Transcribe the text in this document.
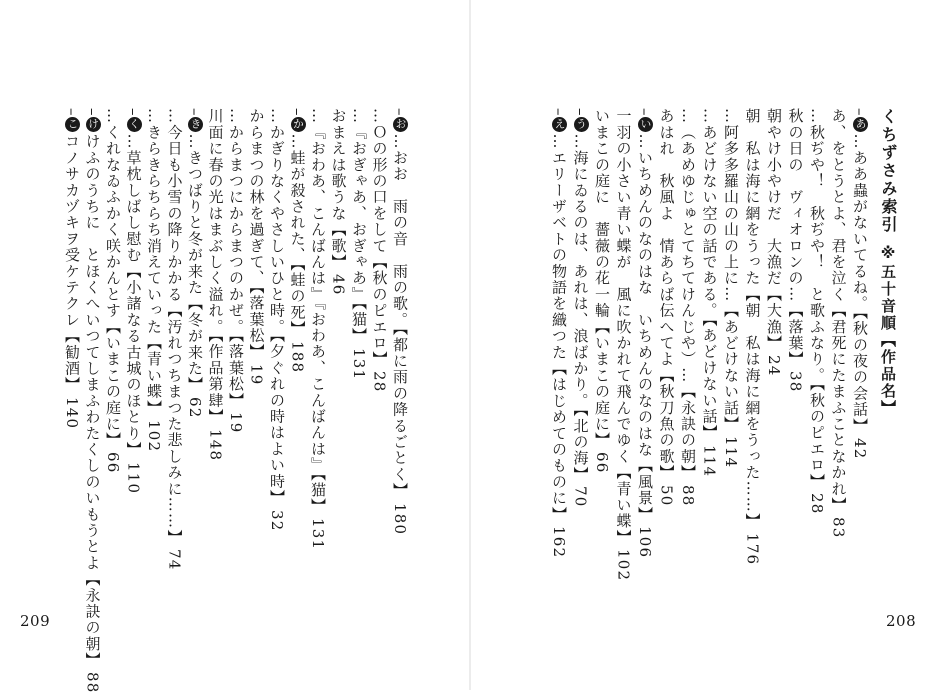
209
–お…おお　雨の音　雨の歌。【都に雨の降るごとく】180
…Ｏの形の口をして【秋のピエロ】28
…『おぎゃあ、おぎゃあ』【猫】131
おまえは歌うな【歌】46
…『おわあ、こんばんは』『おわあ、こんばんは』【猫】131
–か…蛙が殺された、【蛙の死】188
…かぎりなくやさしいひと時。【夕ぐれの時はよい時】32
からまつの林を過ぎて、【落葉松】19
…からまつにからまつのかぜ。【落葉松】19
川面に春の光はまぶしく溢れ。【作品第肆】148
–き…きつばりと冬が来た【冬が来た】62
…今日も小雪の降りかかる【汚れつちまつた悲しみに……】74
…きらきらちらち消えていった【青い蝶】102
–く…草枕しばし慰む【小諸なる古城のほとり】110
…くれなゐふかく咲かんとす【いまこの庭に】66
–けけふのうちに　とほくへいつてしまふわたくしのいもうとよ【永訣の朝】88
–こコノサカヅキヲ受ケテクレ【勧酒】140
くちずさみ索引※五十音順【作品名】
208
–あ…ああ蟲がないてるね。【秋の夜の会話】42
あ、をとうとよ、君を泣く【君死にたまふことなかれ】83
…秋ぢや！　秋ぢや！　と歌ふなり。【秋のピエロ】28
秋の日の　ヴィオロンの…【落葉】38
朝やけ小やけだ　大漁だ【大漁】24
朝　私は海に網をうった【朝　私は海に網をうった……】176
…阿多多羅山の山の上に…【あどけない話】114
…あどけない空の話である。【あどけない話】114
…（あめゆじゅとてちてけんじや）…【永訣の朝】88
あはれ　秋風よ　情あらば伝へてよ【秋刀魚の歌】50
–い…いちめんのなのはな　いちめんのなのはな【風景】106
一羽の小さい青い蝶が　風に吹かれて飛んでゆく【青い蝶】102
いまこの庭に　薔薇の花一輪【いまこの庭に】66
–う…海にゐるのは、あれは、浪ばかり。【北の海】70
–え…エリーザベトの物語を織つた【はじめてのものに】162
